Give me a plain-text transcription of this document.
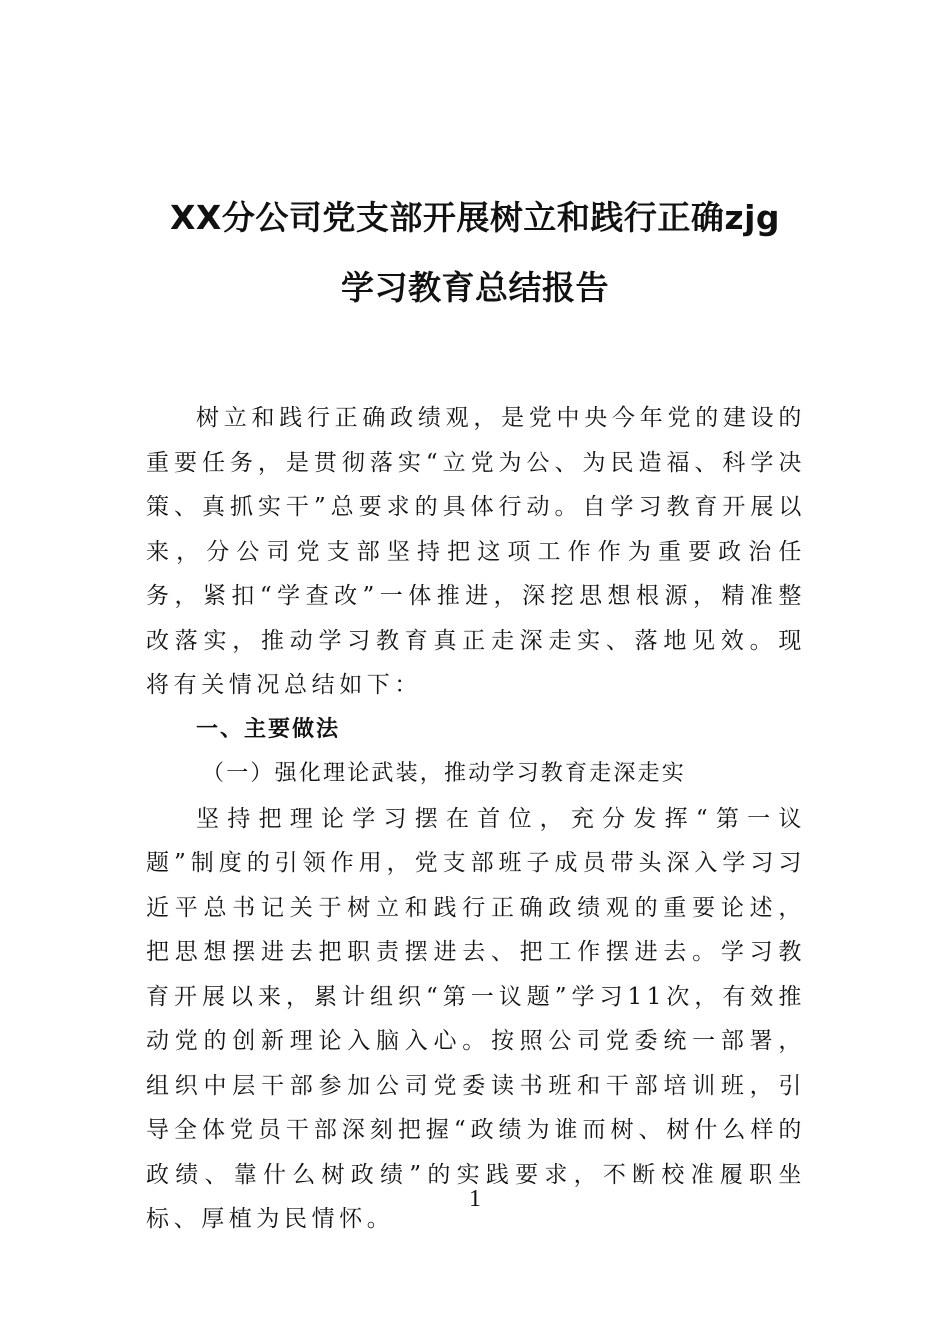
XX分公司党支部开展树立和践行正确zjg
学习教育总结报告

树立和践行正确政绩观，是党中央今年党的建设的重要任务，是贯彻落实“立党为公、为民造福、科学决策、真抓实干”总要求的具体行动。自学习教育开展以来，分公司党支部坚持把这项工作作为重要政治任务，紧扣“学查改”一体推进，深挖思想根源，精准整改落实，推动学习教育真正走深走实、落地见效。现将有关情况总结如下：

一、主要做法

（一）强化理论武装，推动学习教育走深走实

坚持把理论学习摆在首位，充分发挥“第一议题”制度的引领作用，党支部班子成员带头深入学习习近平总书记关于树立和践行正确政绩观的重要论述，把思想摆进去把职责摆进去、把工作摆进去。学习教育开展以来，累计组织“第一议题”学习11次，有效推动党的创新理论入脑入心。按照公司党委统一部署，组织中层干部参加公司党委读书班和干部培训班，引导全体党员干部深刻把握“政绩为谁而树、树什么样的政绩、靠什么树政绩”的实践要求，不断校准履职坐标、厚植为民情怀。

1
